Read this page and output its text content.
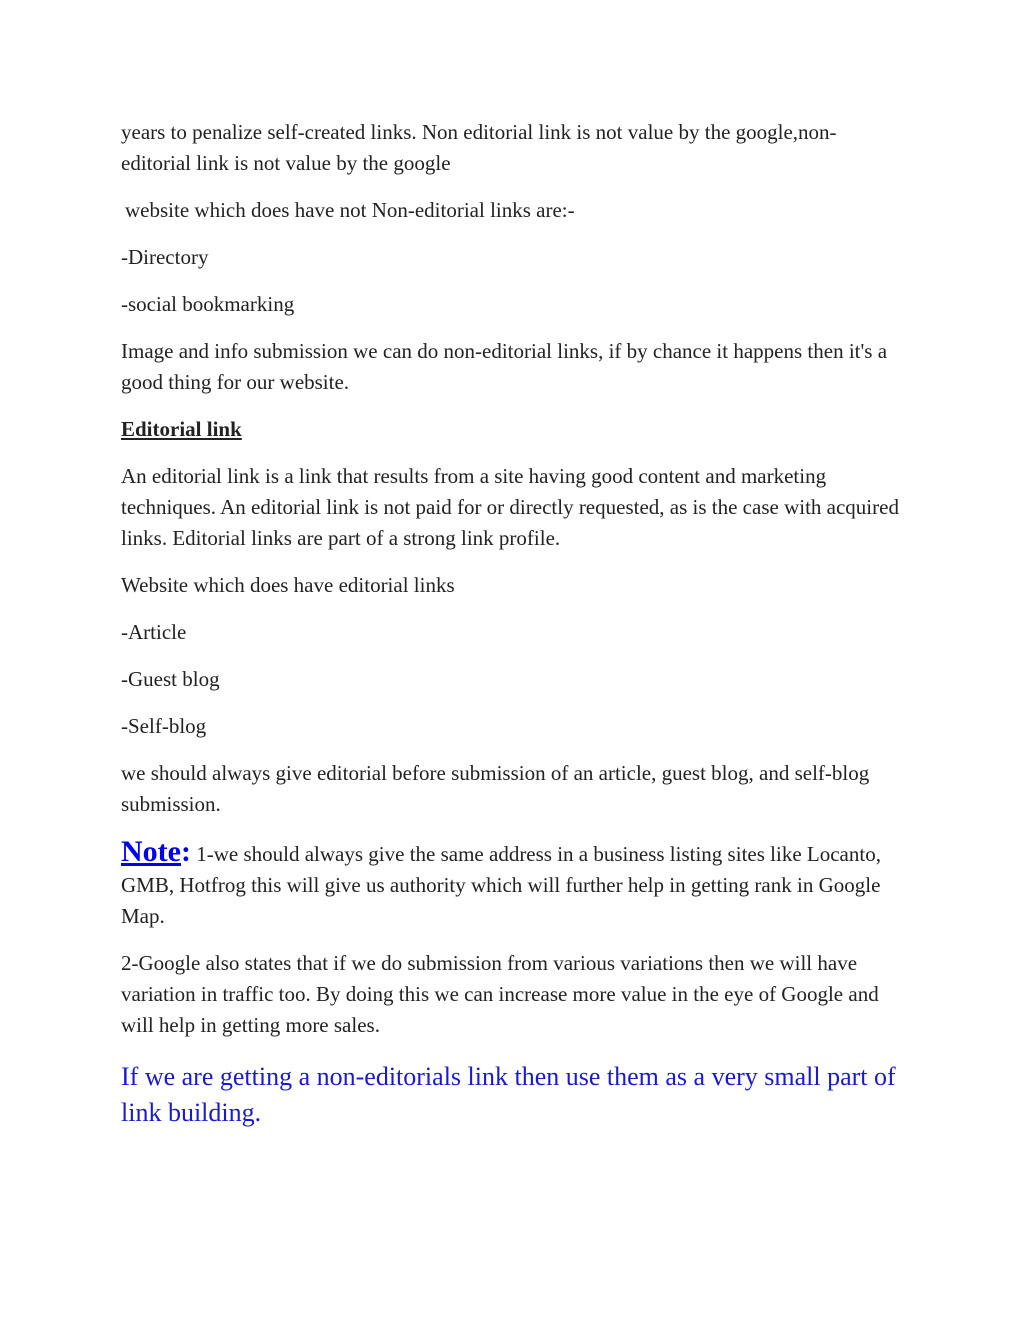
years to penalize self-created links. Non editorial link is not value by the google,non-editorial link is not value by the google

website which does have not Non-editorial links are:-

-Directory

-social bookmarking

Image and info submission we can do non-editorial links, if by chance it happens then it's a good thing for our website.

Editorial link

An editorial link is a link that results from a site having good content and marketing techniques. An editorial link is not paid for or directly requested, as is the case with acquired links. Editorial links are part of a strong link profile.

Website which does have editorial links

-Article

-Guest blog

-Self-blog

we should always give editorial before submission of an article, guest blog, and self-blog submission.

Note: 1-we should always give the same address in a business listing sites like Locanto, GMB, Hotfrog this will give us authority which will further help in getting rank in Google Map.

2-Google also states that if we do submission from various variations then we will have variation in traffic too. By doing this we can increase more value in the eye of Google and will help in getting more sales.

If we are getting a non-editorials link then use them as a very small part of link building.
